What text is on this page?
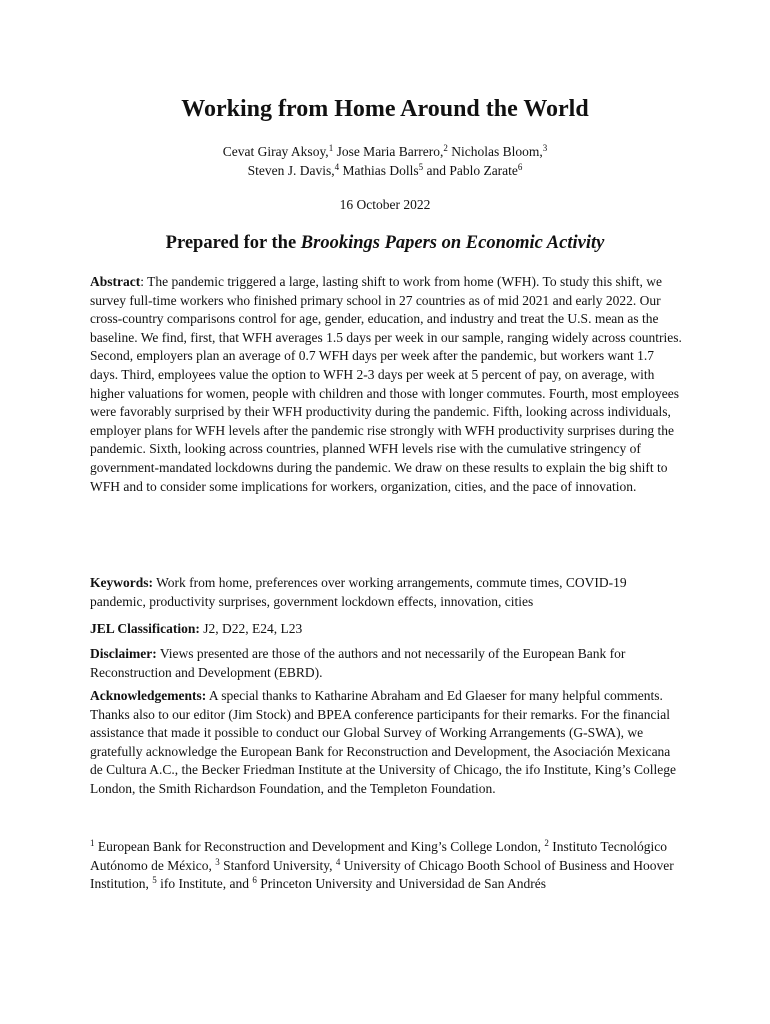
Working from Home Around the World

Cevat Giray Aksoy,$^1$ Jose Maria Barrero,$^2$ Nicholas Bloom,$^3$
Steven J. Davis,$^4$ Mathias Dolls$^5$ and Pablo Zarate$^6$

16 October 2022

Prepared for the Brookings Papers on Economic Activity

Abstract: The pandemic triggered a large, lasting shift to work from home (WFH). To study this shift, we survey full-time workers who finished primary school in 27 countries as of mid 2021 and early 2022. Our cross-country comparisons control for age, gender, education, and industry and treat the U.S. mean as the baseline. We find, first, that WFH averages 1.5 days per week in our sample, ranging widely across countries. Second, employers plan an average of 0.7 WFH days per week after the pandemic, but workers want 1.7 days. Third, employees value the option to WFH 2-3 days per week at 5 percent of pay, on average, with higher valuations for women, people with children and those with longer commutes. Fourth, most employees were favorably surprised by their WFH productivity during the pandemic. Fifth, looking across individuals, employer plans for WFH levels after the pandemic rise strongly with WFH productivity surprises during the pandemic. Sixth, looking across countries, planned WFH levels rise with the cumulative stringency of government-mandated lockdowns during the pandemic. We draw on these results to explain the big shift to WFH and to consider some implications for workers, organization, cities, and the pace of innovation.

Keywords: Work from home, preferences over working arrangements, commute times, COVID-19 pandemic, productivity surprises, government lockdown effects, innovation, cities

JEL Classification: J2, D22, E24, L23

Disclaimer: Views presented are those of the authors and not necessarily of the European Bank for Reconstruction and Development (EBRD).

Acknowledgements: A special thanks to Katharine Abraham and Ed Glaeser for many helpful comments. Thanks also to our editor (Jim Stock) and BPEA conference participants for their remarks. For the financial assistance that made it possible to conduct our Global Survey of Working Arrangements (G-SWA), we gratefully acknowledge the European Bank for Reconstruction and Development, the Asociación Mexicana de Cultura A.C., the Becker Friedman Institute at the University of Chicago, the ifo Institute, King’s College London, the Smith Richardson Foundation, and the Templeton Foundation.

$^1$ European Bank for Reconstruction and Development and King’s College London, $^2$ Instituto Tecnológico Autónomo de México, $^3$ Stanford University, $^4$ University of Chicago Booth School of Business and Hoover Institution, $^5$ ifo Institute, and $^6$ Princeton University and Universidad de San Andrés
